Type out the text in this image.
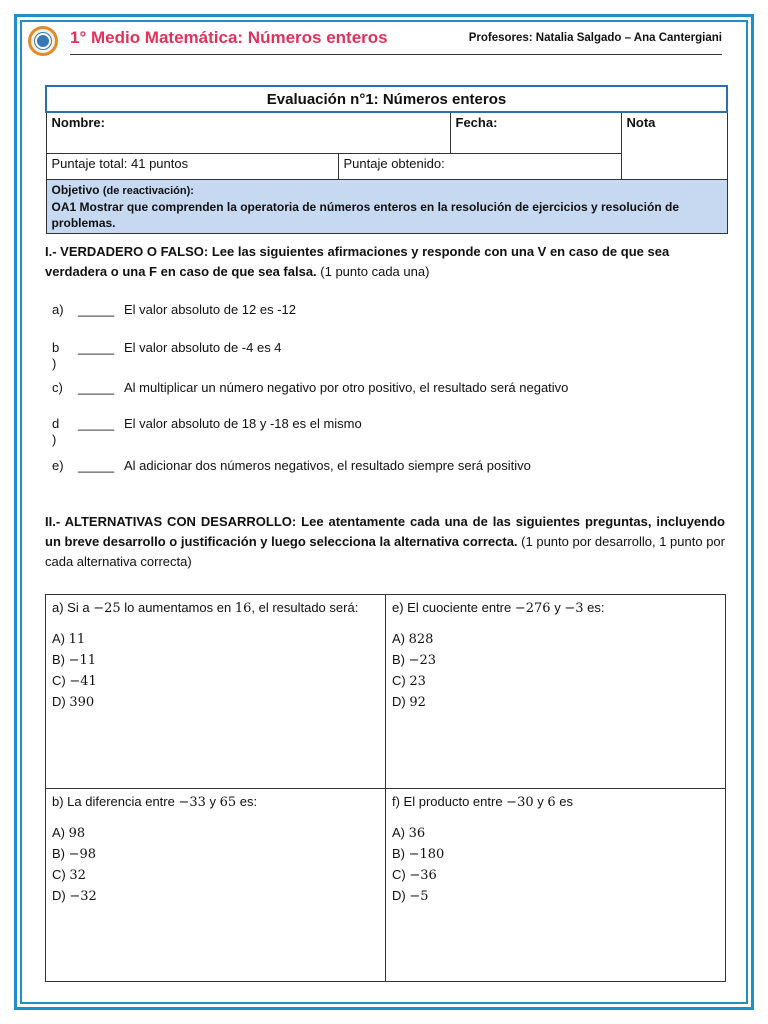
1° Medio Matemática: Números enteros	Profesores: Natalia Salgado – Ana Cantergiani
Evaluación n°1: Números enteros			
Nombre:		Fecha:	Nota
Puntaje total: 41 puntos	Puntaje obtenido:		
Objetivo (de reactivación):
OA1 Mostrar que comprenden la operatoria de números enteros en la resolución de ejercicios y resolución de problemas.			
I.- VERDADERO O FALSO: Lee las siguientes afirmaciones y responde con una V en caso de que sea verdadera o una F en caso de que sea falsa. (1 punto cada una)
a) _____ El valor absoluto de 12 es -12
b
)
_____ El valor absoluto de -4 es 4
c) _____ Al multiplicar un número negativo por otro positivo, el resultado será negativo
d
)
_____ El valor absoluto de 18 y -18 es el mismo
e) _____ Al adicionar dos números negativos, el resultado siempre será positivo
II.- ALTERNATIVAS CON DESARROLLO: Lee atentamente cada una de las siguientes preguntas, incluyendo un breve desarrollo o justificación y luego selecciona la alternativa correcta. (1 punto por desarrollo, 1 punto por cada alternativa correcta)
a) Si a −25 lo aumentamos en 16, el resultado será:
A) 11
B) −11
C) −41
D) 390	e) El cuociente entre −276 y −3 es:
A) 828
B) −23
C) 23
D) 92

b) La diferencia entre −33 y 65 es:
A) 98
B) −98
C) 32
D) −32	f) El producto entre −30 y 6 es
A) 36
B) −180
C) −36
D) −5
